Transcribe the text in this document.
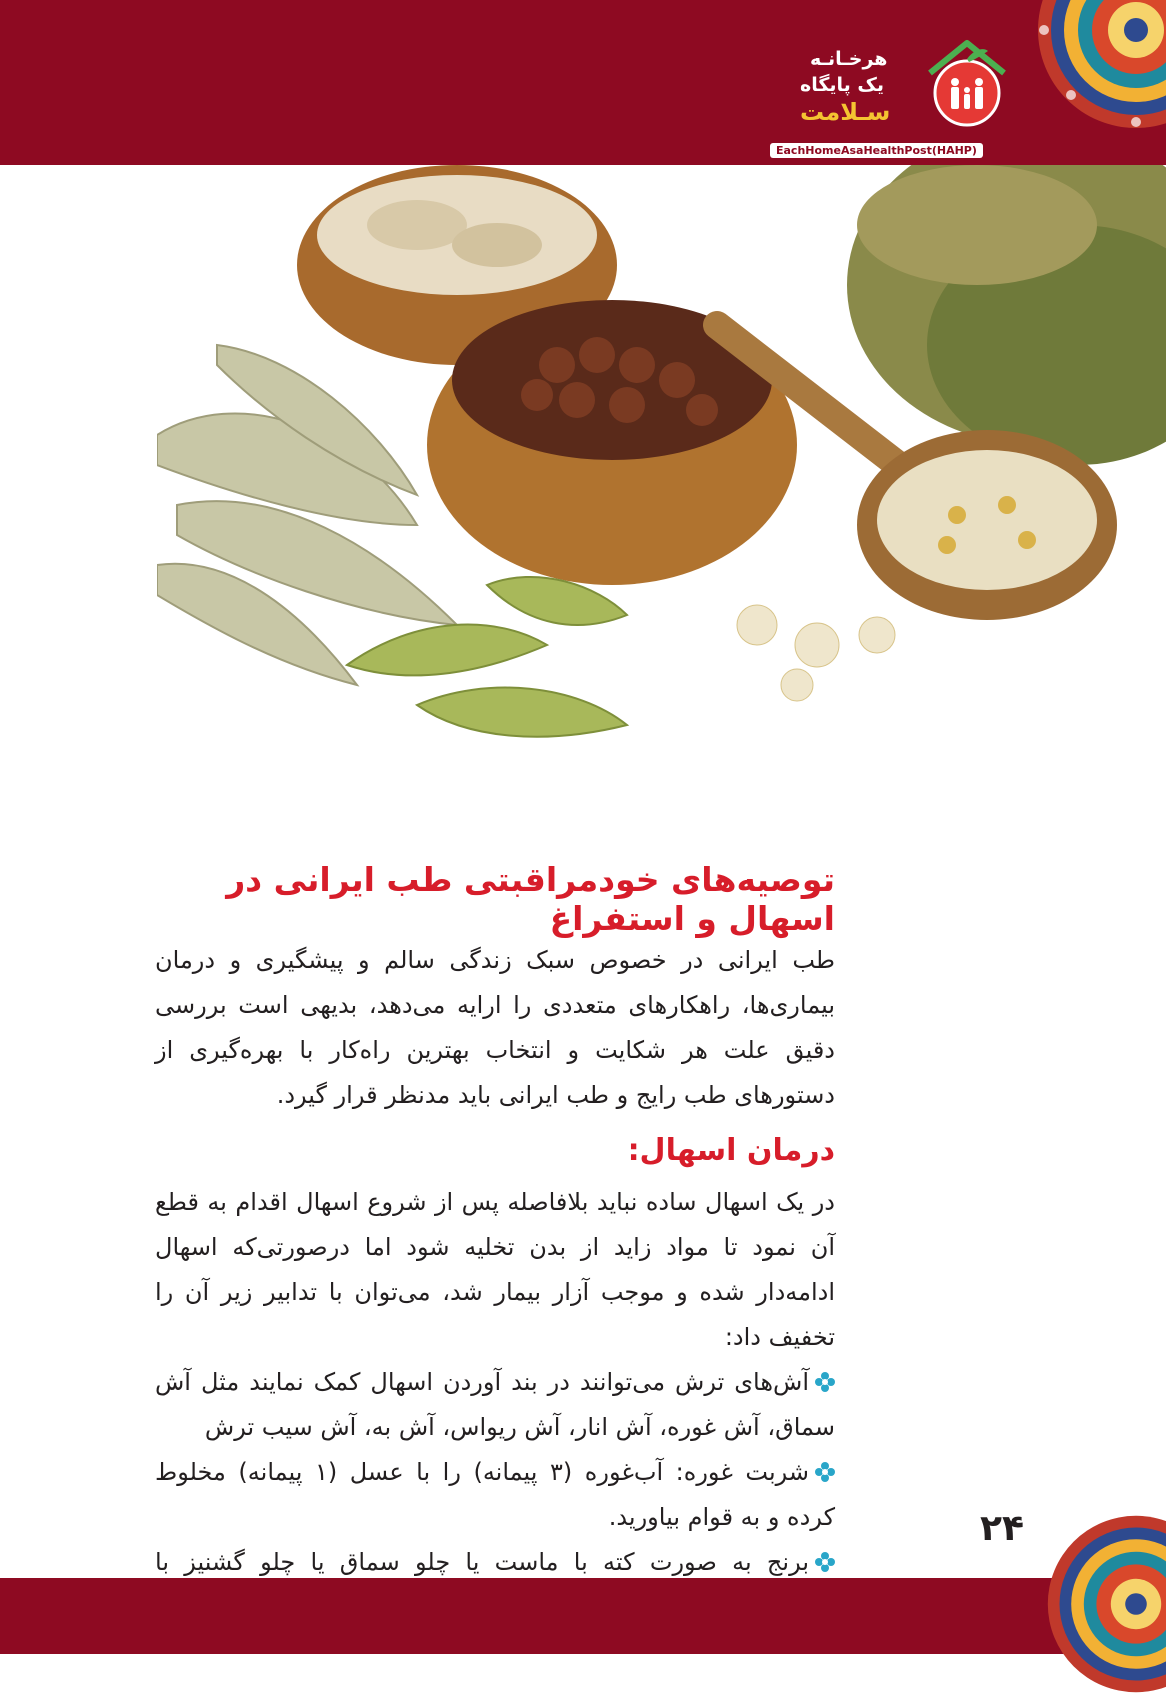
هرخـانـه
یک پایگاه
سـلامت
EachHomeAsaHealthPost(HAHP)
توصیه‌های خودمراقبتی طب ایرانی در اسهال و استفراغ

طب ایرانی در خصوص سبک زندگی سالم و پیشگیری و درمان بیماری‌ها، راهکارهای متعددی را ارایه می‌دهد، بدیهی است بررسی دقیق علت هر شکایت و انتخاب بهترین راه‌کار با بهره‌گیری از دستورهای طب رایج و طب ایرانی باید مدنظر قرار گیرد.

درمان اسهال:

در یک اسهال ساده نباید بلافاصله پس از شروع اسهال اقدام به قطع آن نمود تا مواد زاید از بدن تخلیه شود اما درصورتی‌که اسهال ادامه‌دار شده و موجب آزار بیمار شد، می‌توان با تدابیر زیر آن را تخفیف داد:

آش‌های ترش می‌توانند در بند آوردن اسهال کمک نمایند مثل آش سماق، آش غوره، آش انار، آش ریواس، آش به، آش سیب ترش

شربت غوره: آب‌غوره (۳ پیمانه) را با عسل (۱ پیمانه) مخلوط کرده و به قوام بیاورید.

برنج به صورت کته با ماست یا چلو سماق یا چلو گشنیز با

۲۴
